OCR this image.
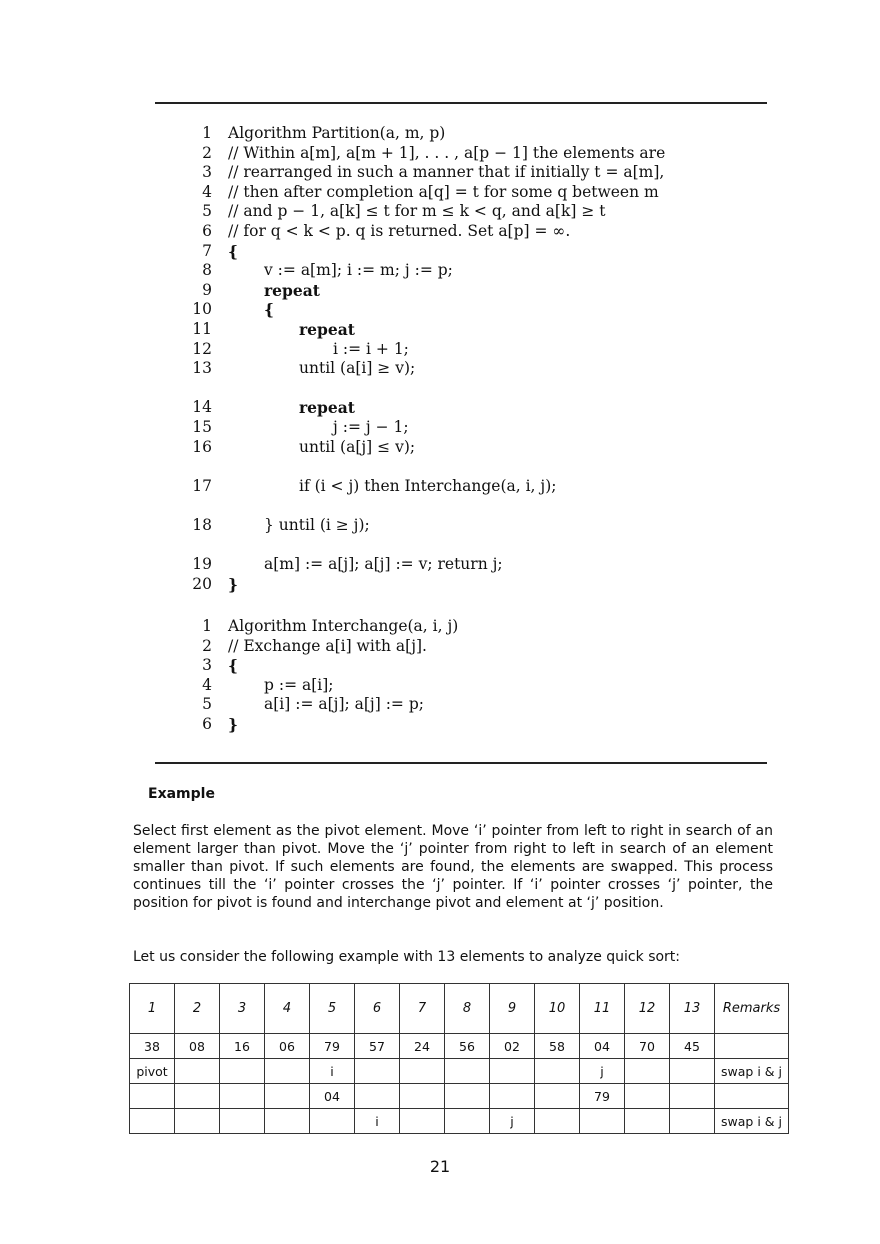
1 Algorithm Partition(a, m, p)
2 // Within a[m], a[m + 1], . . . , a[p − 1] the elements are
3 // rearranged in such a manner that if initially t = a[m],
4 // then after completion a[q] = t for some q between m
5 // and p − 1, a[k] ≤ t for m ≤ k < q, and a[k] ≥ t
6 // for q < k < p. q is returned. Set a[p] = ∞.
7 {
8	v := a[m]; i := m; j := p;
9	repeat
10	{
11	repeat
12	i := i + 1;
13	until (a[i] ≥ v);
14	repeat
15	j := j − 1;
16	until (a[j] ≤ v);
17	if (i < j) then Interchange(a, i, j);
18	} until (i ≥ j);
19	a[m] := a[j]; a[j] := v; return j;
20 }
1 Algorithm Interchange(a, i, j)
2 // Exchange a[i] with a[j].
3 {
4	p := a[i];
5	a[i] := a[j]; a[j] := p;
6 }
Example
Select first element as the pivot element. Move ‘i’ pointer from left to right in search of an element larger than pivot. Move the ‘j’ pointer from right to left in search of an element smaller than pivot. If such elements are found, the elements are swapped. This process continues till the ‘i’ pointer crosses the ‘j’ pointer. If ‘i’ pointer crosses ‘j’ pointer, the position for pivot is found and interchange pivot and element at ‘j’ position.
Let us consider the following example with 13 elements to analyze quick sort:
1	2	3	4	5	6	7	8	9	10	11	12	13	Remarks
38	08	16	06	79	57	24	56	02	58	04	70	45	
pivot				i						j			swap i & j
				04						79			
					i			j					swap i & j
21
